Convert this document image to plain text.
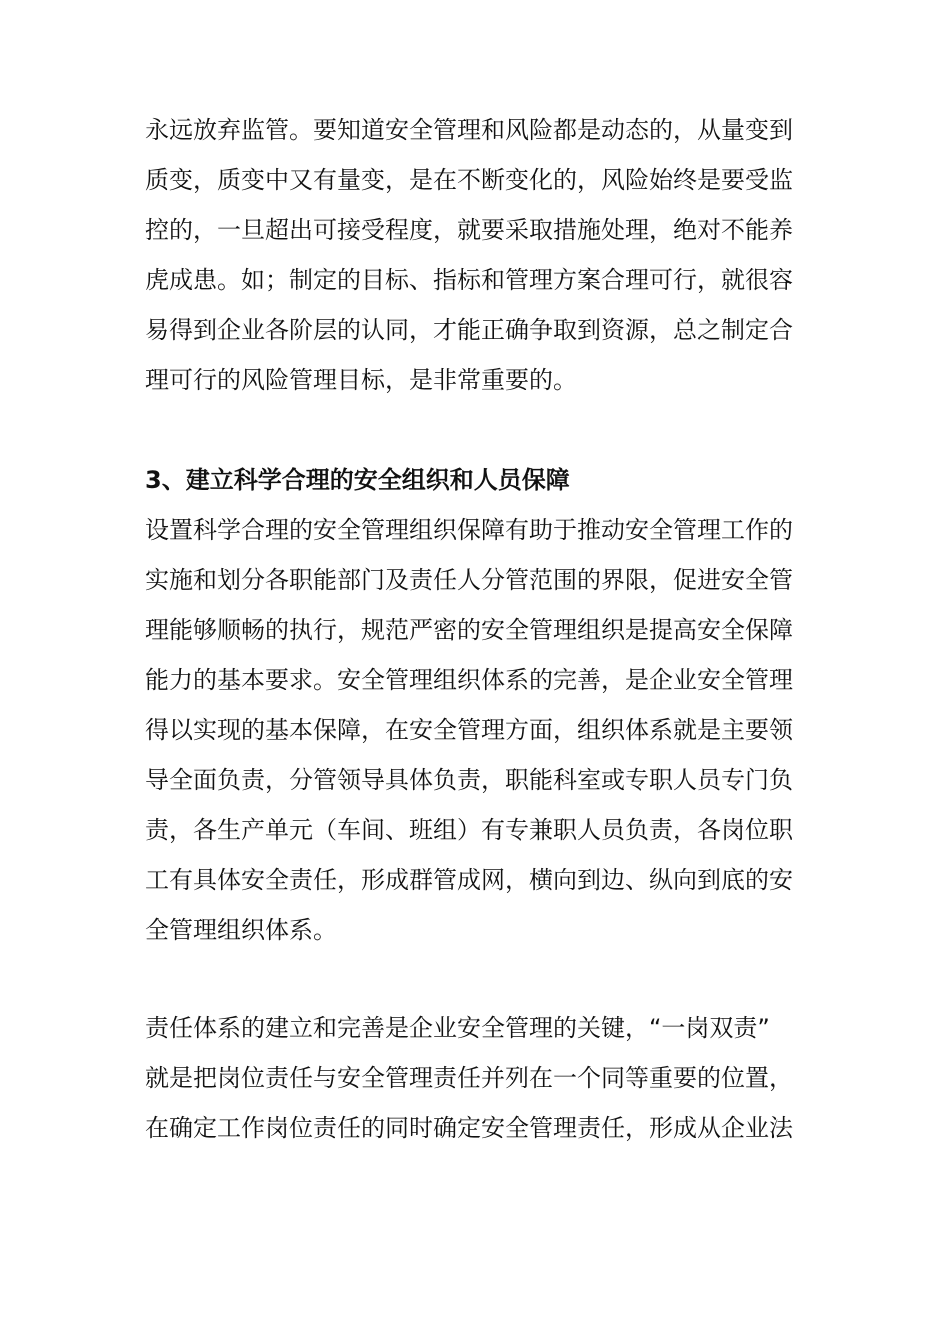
永远放弃监管。要知道安全管理和风险都是动态的，从量变到
质变，质变中又有量变，是在不断变化的，风险始终是要受监
控的，一旦超出可接受程度，就要采取措施处理，绝对不能养
虎成患。如；制定的目标、指标和管理方案合理可行，就很容
易得到企业各阶层的认同，才能正确争取到资源，总之制定合
理可行的风险管理目标，是非常重要的。
3、建立科学合理的安全组织和人员保障
设置科学合理的安全管理组织保障有助于推动安全管理工作的
实施和划分各职能部门及责任人分管范围的界限，促进安全管
理能够顺畅的执行，规范严密的安全管理组织是提高安全保障
能力的基本要求。安全管理组织体系的完善，是企业安全管理
得以实现的基本保障，在安全管理方面，组织体系就是主要领
导全面负责，分管领导具体负责，职能科室或专职人员专门负
责，各生产单元（车间、班组）有专兼职人员负责，各岗位职
工有具体安全责任，形成群管成网，横向到边、纵向到底的安
全管理组织体系。
责任体系的建立和完善是企业安全管理的关键，“一岗双责”
就是把岗位责任与安全管理责任并列在一个同等重要的位置，
在确定工作岗位责任的同时确定安全管理责任，形成从企业法
